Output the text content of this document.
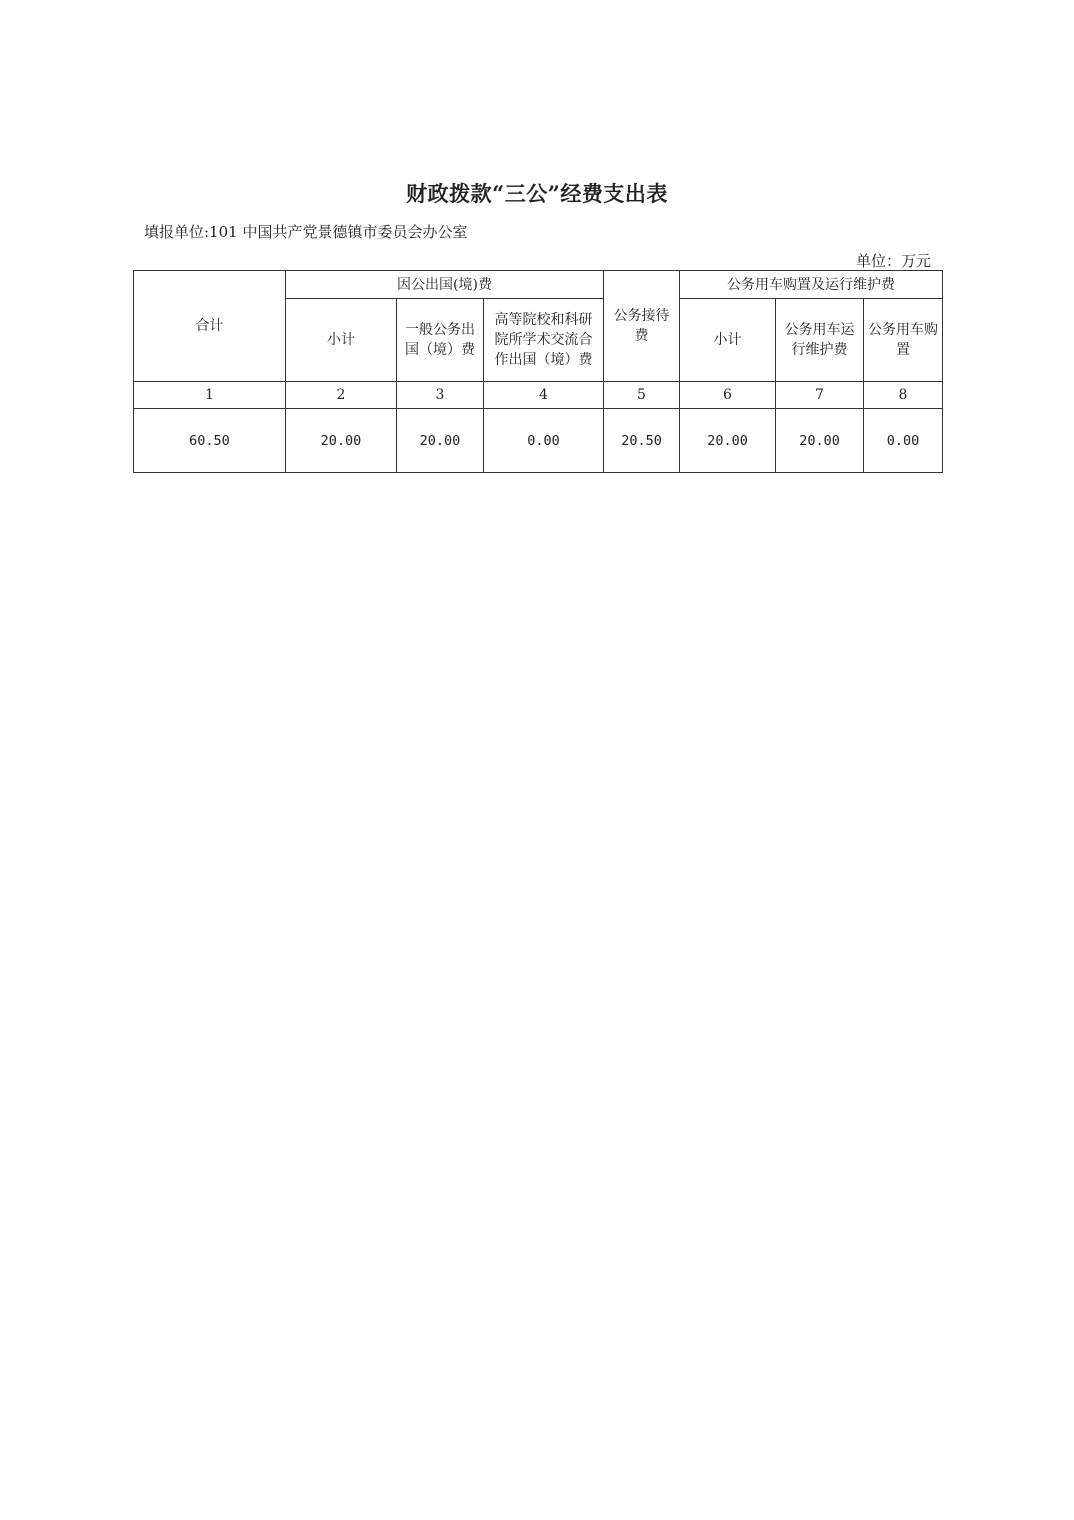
财政拨款“三公”经费支出表
填报单位:101 中国共产党景德镇市委员会办公室
单位：万元
合计	因公出国(境)费			公务接待费	公务用车购置及运行维护费		
	小计	一般公务出国（境）费	高等院校和科研院所学术交流合作出国（境）费		小计	公务用车运行维护费	公务用车购置
1	2	3	4	5	6	7	8
60.50	20.00	20.00	0.00	20.50	20.00	20.00	0.00
